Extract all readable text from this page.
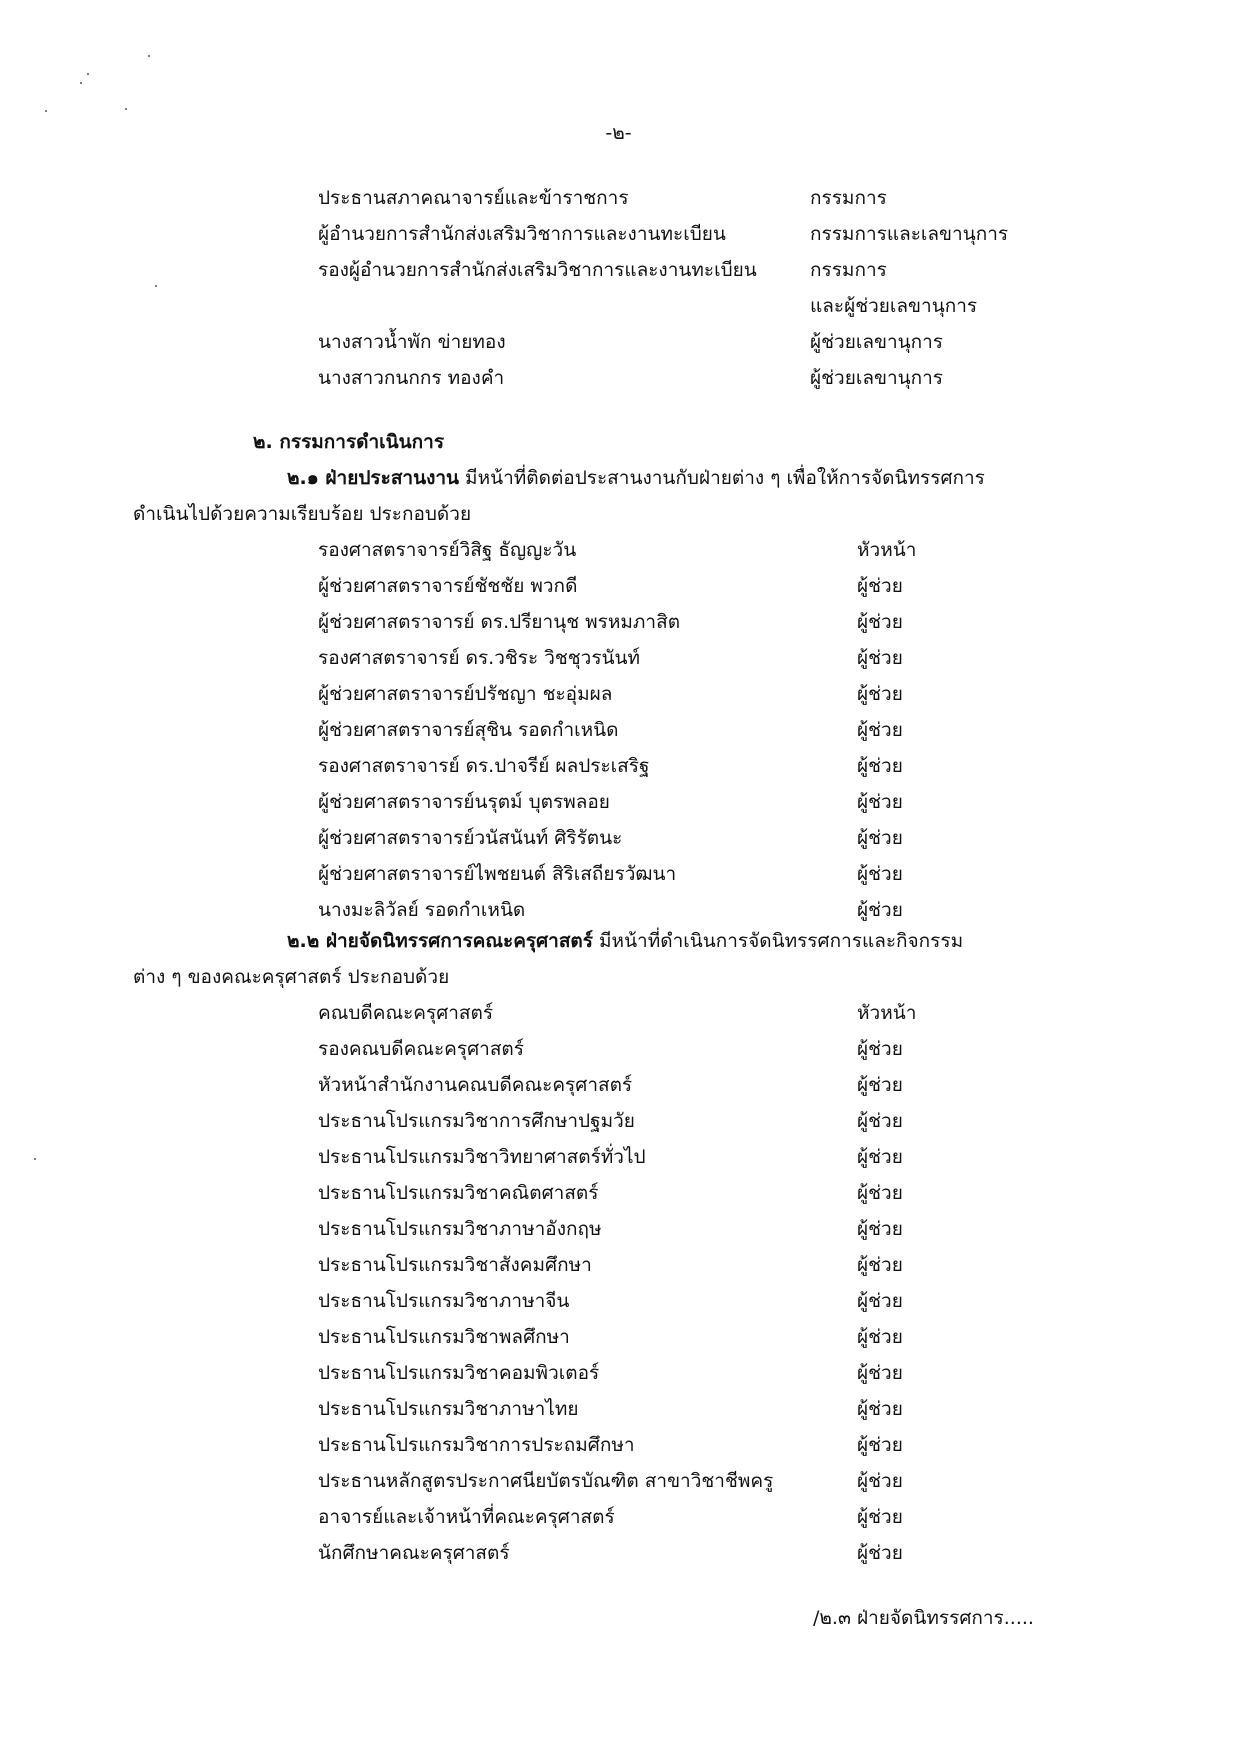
-๒-
ประธานสภาคณาจารย์และข้าราชการ	กรรมการ
ผู้อำนวยการสำนักส่งเสริมวิชาการและงานทะเบียน	กรรมการและเลขานุการ
รองผู้อำนวยการสำนักส่งเสริมวิชาการและงานทะเบียน	กรรมการ
และผู้ช่วยเลขานุการ
นางสาวน้ำพัก ข่ายทอง	ผู้ช่วยเลขานุการ
นางสาวกนกกร ทองคำ	ผู้ช่วยเลขานุการ
๒. กรรมการดำเนินการ
๒.๑ ฝ่ายประสานงาน มีหน้าที่ติดต่อประสานงานกับฝ่ายต่าง ๆ เพื่อให้การจัดนิทรรศการ
ดำเนินไปด้วยความเรียบร้อย ประกอบด้วย
รองศาสตราจารย์วิสิฐ ธัญญะวัน	หัวหน้า
ผู้ช่วยศาสตราจารย์ชัชชัย พวกดี	ผู้ช่วย
ผู้ช่วยศาสตราจารย์ ดร.ปรียานุช พรหมภาสิต	ผู้ช่วย
รองศาสตราจารย์ ดร.วชิระ วิชชุวรนันท์	ผู้ช่วย
ผู้ช่วยศาสตราจารย์ปรัชญา ชะอุ่มผล	ผู้ช่วย
ผู้ช่วยศาสตราจารย์สุชิน รอดกำเหนิด	ผู้ช่วย
รองศาสตราจารย์ ดร.ปาจรีย์ ผลประเสริฐ	ผู้ช่วย
ผู้ช่วยศาสตราจารย์นรุตม์ บุตรพลอย	ผู้ช่วย
ผู้ช่วยศาสตราจารย์วนัสนันท์ ศิริรัตนะ	ผู้ช่วย
ผู้ช่วยศาสตราจารย์ไพชยนต์ สิริเสถียรวัฒนา	ผู้ช่วย
นางมะลิวัลย์ รอดกำเหนิด	ผู้ช่วย
๒.๒ ฝ่ายจัดนิทรรศการคณะครุศาสตร์ มีหน้าที่ดำเนินการจัดนิทรรศการและกิจกรรม
ต่าง ๆ ของคณะครุศาสตร์ ประกอบด้วย
คณบดีคณะครุศาสตร์	หัวหน้า
รองคณบดีคณะครุศาสตร์	ผู้ช่วย
หัวหน้าสำนักงานคณบดีคณะครุศาสตร์	ผู้ช่วย
ประธานโปรแกรมวิชาการศึกษาปฐมวัย	ผู้ช่วย
ประธานโปรแกรมวิชาวิทยาศาสตร์ทั่วไป	ผู้ช่วย
ประธานโปรแกรมวิชาคณิตศาสตร์	ผู้ช่วย
ประธานโปรแกรมวิชาภาษาอังกฤษ	ผู้ช่วย
ประธานโปรแกรมวิชาสังคมศึกษา	ผู้ช่วย
ประธานโปรแกรมวิชาภาษาจีน	ผู้ช่วย
ประธานโปรแกรมวิชาพลศึกษา	ผู้ช่วย
ประธานโปรแกรมวิชาคอมพิวเตอร์	ผู้ช่วย
ประธานโปรแกรมวิชาภาษาไทย	ผู้ช่วย
ประธานโปรแกรมวิชาการประถมศึกษา	ผู้ช่วย
ประธานหลักสูตรประกาศนียบัตรบัณฑิต สาขาวิชาชีพครู	ผู้ช่วย
อาจารย์และเจ้าหน้าที่คณะครุศาสตร์	ผู้ช่วย
นักศึกษาคณะครุศาสตร์	ผู้ช่วย
/๒.๓ ฝ่ายจัดนิทรรศการ.....
